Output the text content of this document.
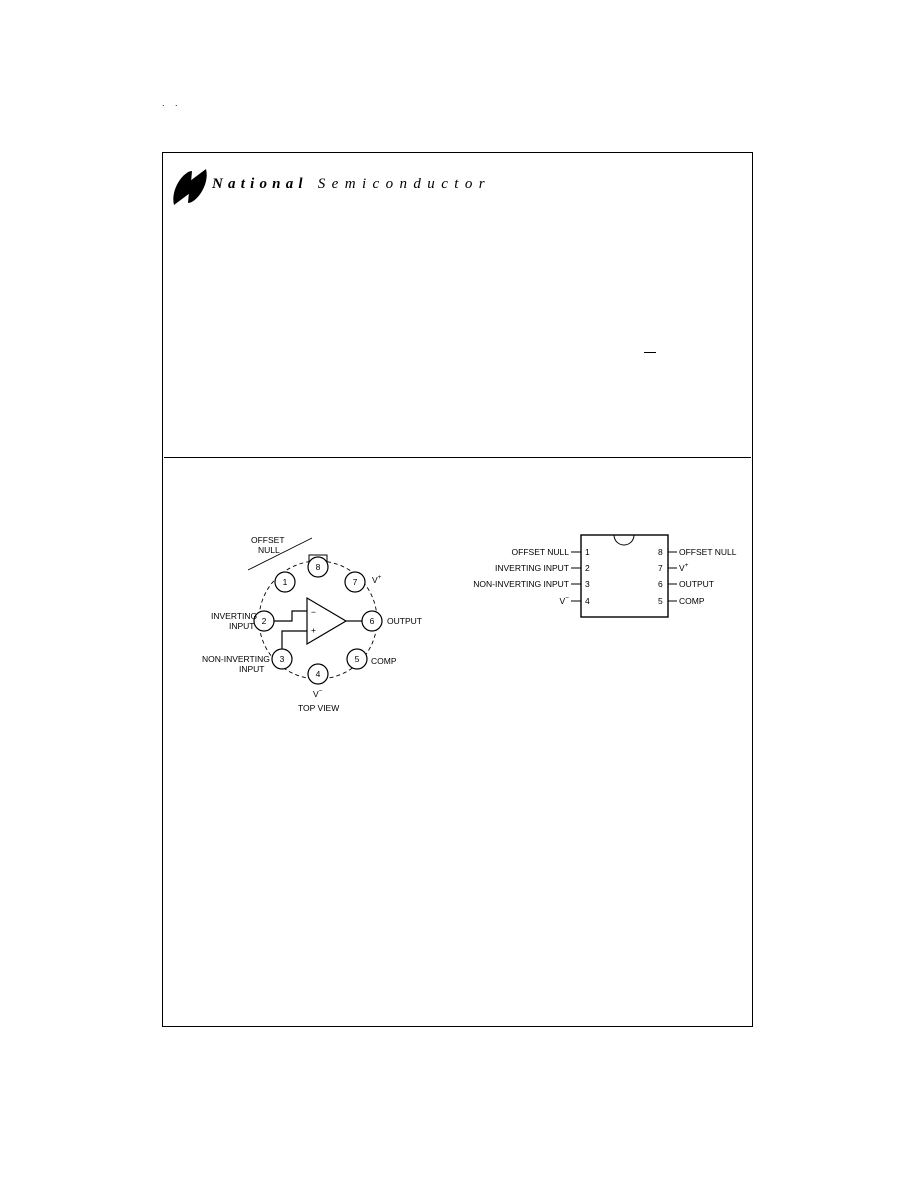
. .
National Semiconductor
1
2
3
4
5
6
7
8
−
+
OFFSET
NULL
INVERTING
INPUT
NON-INVERTING
INPUT
OUTPUT
COMP
V+
V−
TOP VIEW
OFFSET NULL
INVERTING INPUT
NON-INVERTING INPUT
V−
1
2
3
4
8
7
6
5
OFFSET NULL
V+
OUTPUT
COMP
